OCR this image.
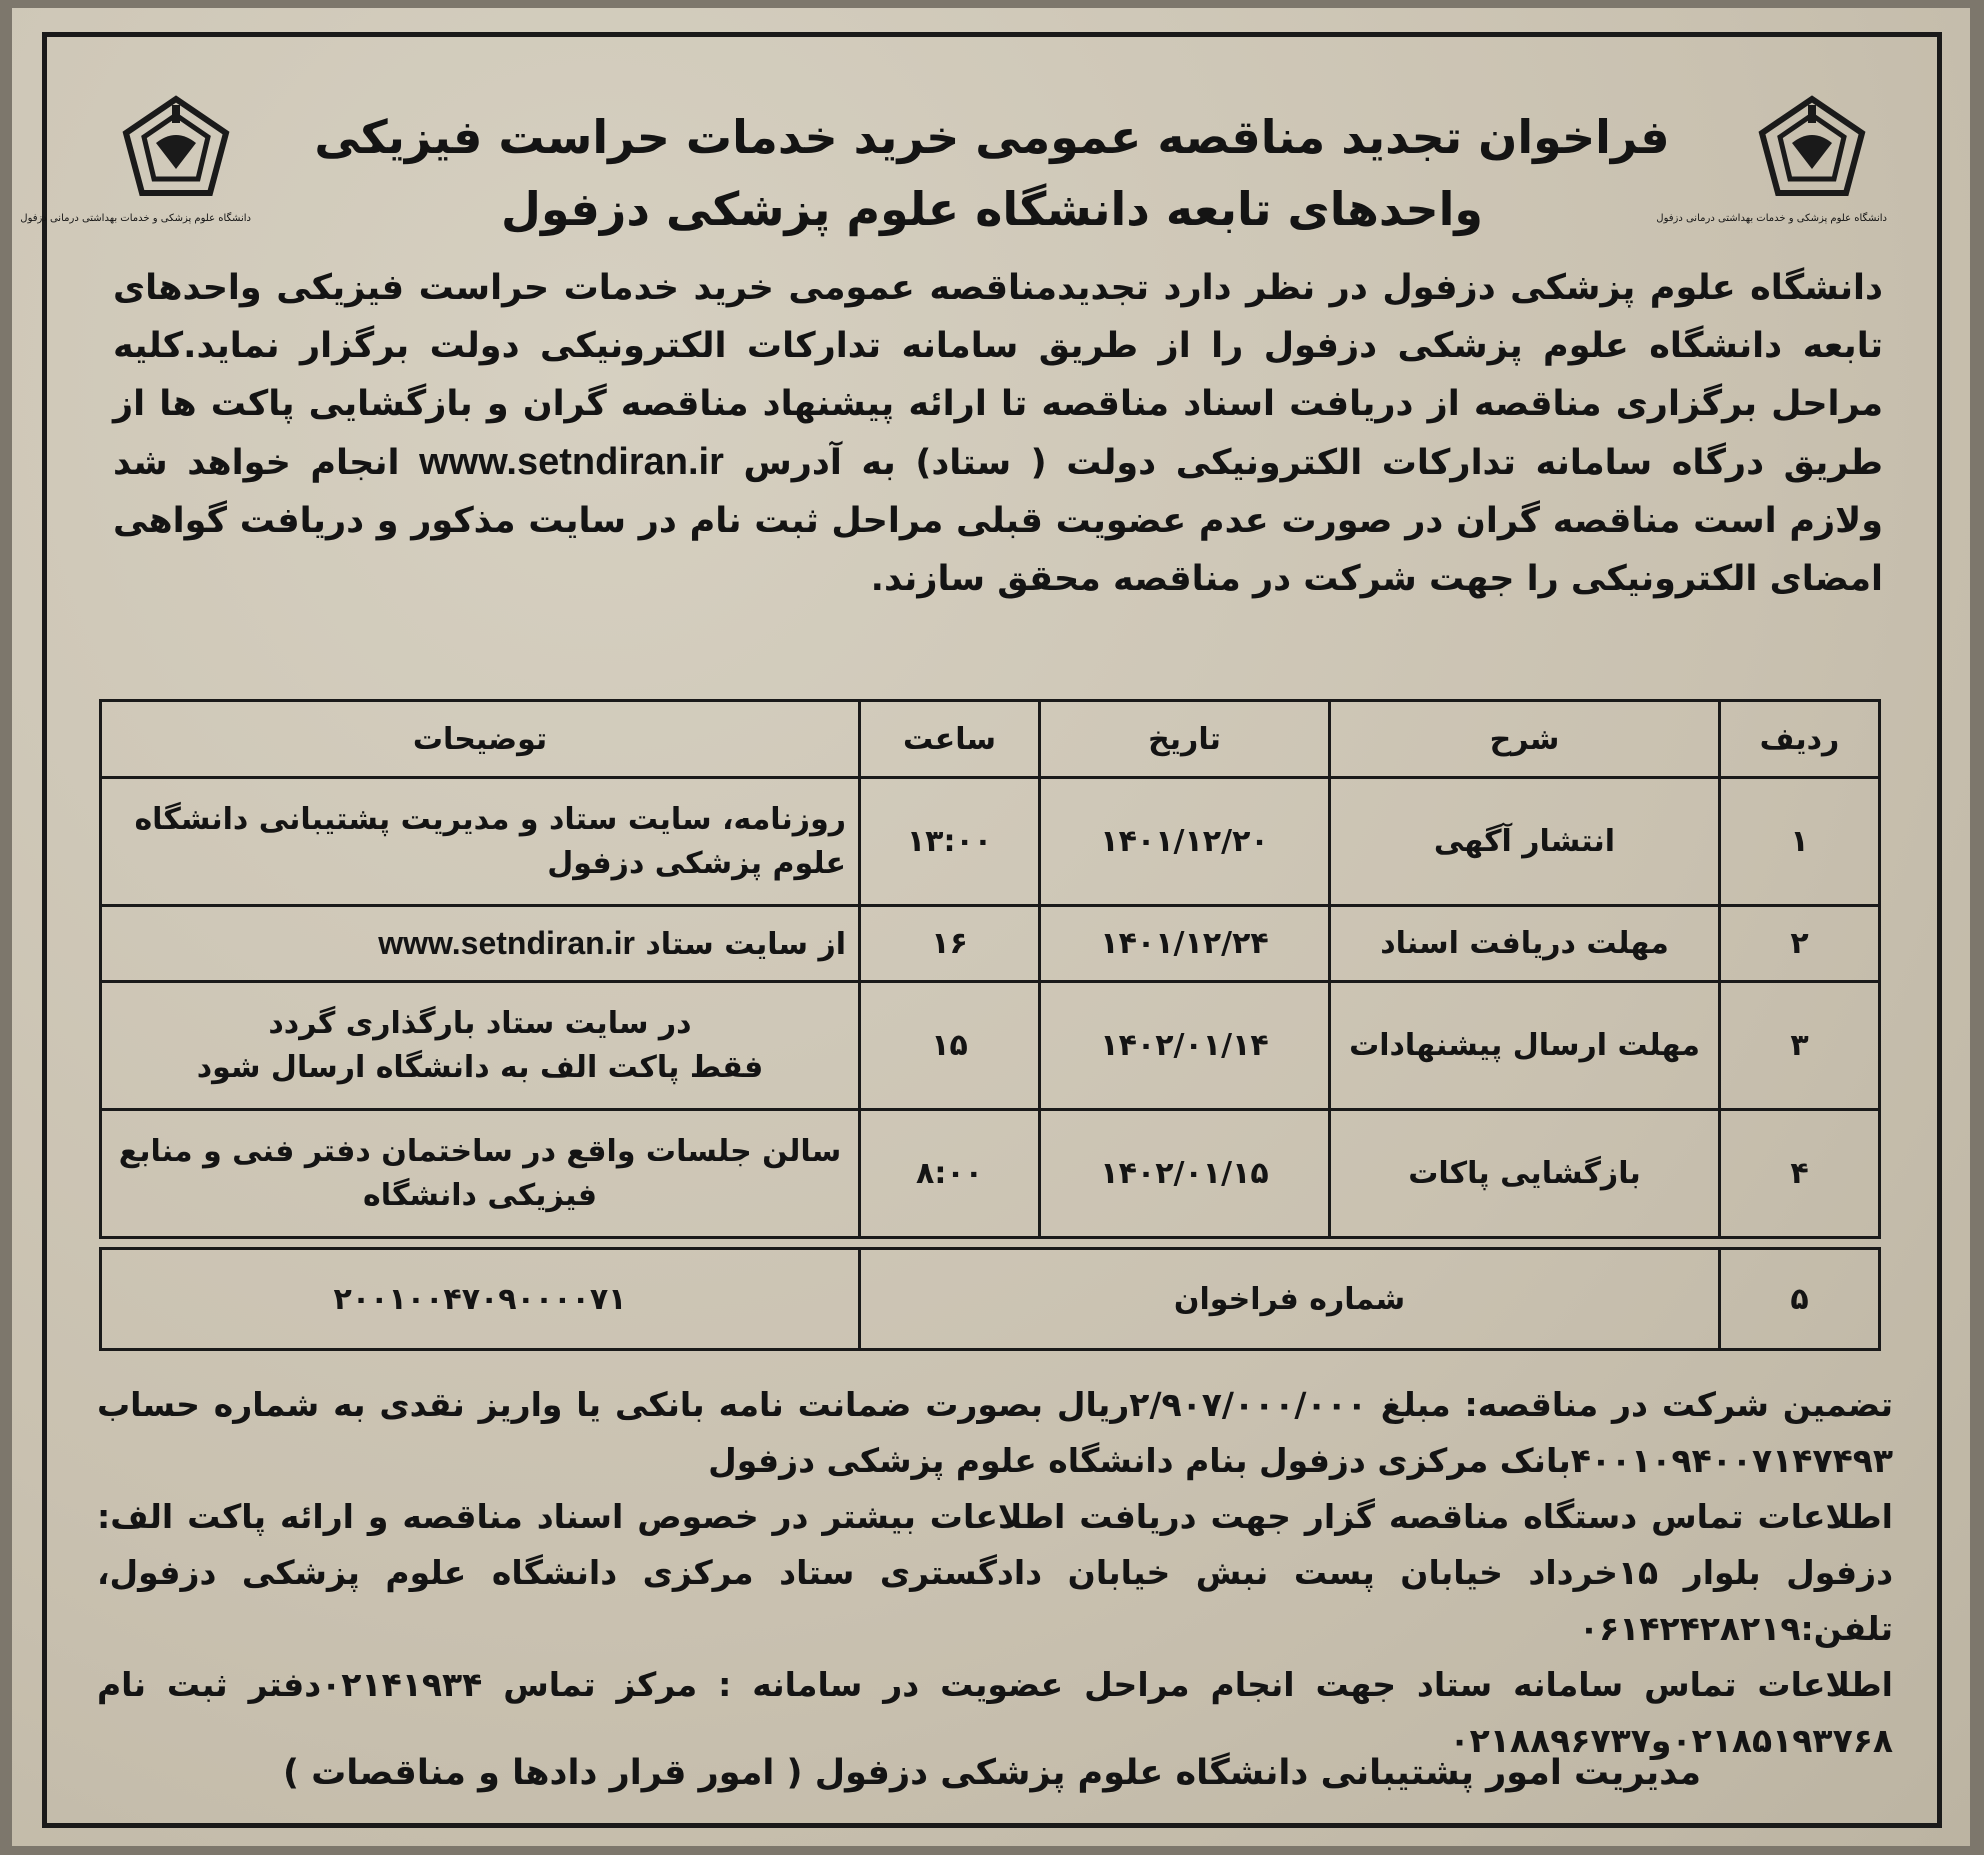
دانشگاه علوم پزشکی و خدمات بهداشتی درمانی دزفول
دانشگاه علوم پزشکی و خدمات بهداشتی درمانی دزفول
فراخوان تجدید مناقصه عمومی خرید خدمات حراست فیزیکی
واحدهای تابعه دانشگاه علوم پزشکی دزفول
دانشگاه علوم پزشکی دزفول در نظر دارد تجدیدمناقصه عمومی خرید خدمات حراست فیزیکی واحدهای تابعه دانشگاه علوم پزشکی دزفول را از طریق سامانه تدارکات الکترونیکی دولت برگزار نماید.کلیه مراحل برگزاری مناقصه از دریافت اسناد مناقصه تا ارائه پیشنهاد مناقصه گران و بازگشایی پاکت ها از طریق درگاه سامانه تدارکات الکترونیکی دولت ( ستاد) به آدرس www.setndiran.ir انجام خواهد شد ولازم است مناقصه گران در صورت عدم عضویت قبلی مراحل ثبت نام در سایت مذکور و دریافت گواهی امضای الکترونیکی را جهت شرکت در مناقصه محقق سازند.
ردیف	شرح	تاریخ	ساعت	توضیحات
۱	انتشار آگهی	۱۴۰۱/۱۲/۲۰	۱۳:۰۰	روزنامه، سایت ستاد و مدیریت پشتیبانی دانشگاه علوم پزشکی دزفول
۲	مهلت دریافت اسناد	۱۴۰۱/۱۲/۲۴	۱۶	از سایت ستاد www.setndiran.ir
۳	مهلت ارسال پیشنهادات	۱۴۰۲/۰۱/۱۴	۱۵	در سایت ستاد بارگذاری گردد
فقط پاکت الف به دانشگاه ارسال شود

۴	بازگشایی پاکات	۱۴۰۲/۰۱/۱۵	۸:۰۰	سالن جلسات واقع در ساختمان دفتر فنی و منابع فیزیکی دانشگاه
۵	شماره فراخوان	۲۰۰۱۰۰۴۷۰۹۰۰۰۰۷۱

تضمین شرکت در مناقصه: مبلغ ۲/۹۰۷/۰۰۰/۰۰۰ریال بصورت ضمانت نامه بانکی یا واریز نقدی به شماره حساب ۴۰۰۱۰۹۴۰۰۷۱۴۷۴۹۳بانک مرکزی دزفول بنام دانشگاه علوم پزشکی دزفول

اطلاعات تماس دستگاه مناقصه گزار جهت دریافت اطلاعات بیشتر در خصوص اسناد مناقصه و ارائه پاکت الف: دزفول بلوار ۱۵خرداد خیابان پست نبش خیابان دادگستری ستاد مرکزی دانشگاه علوم پزشکی دزفول، تلفن:۰۶۱۴۲۴۲۸۲۱۹

اطلاعات تماس سامانه ستاد جهت انجام مراحل عضویت در سامانه : مرکز تماس ۰۲۱۴۱۹۳۴دفتر ثبت نام ۰۲۱۸۵۱۹۳۷۶۸و۰۲۱۸۸۹۶۷۳۷

مدیریت امور پشتیبانی دانشگاه علوم پزشکی دزفول ( امور قرار دادها و مناقصات )
